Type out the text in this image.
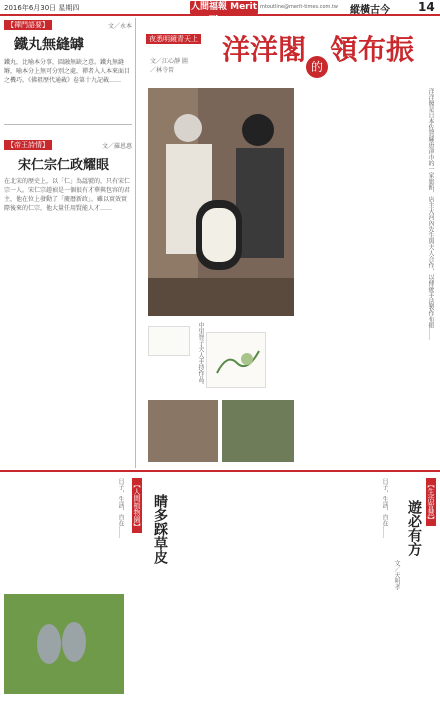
2016年6月30日 星期四	人間福報 Merit Times
mtoutline@merit-times.com.tw 縱橫古今 14
【禪門語要】	文／永本
鐵丸無縫罅
鐵丸，比喻本分事，圓融無缺之意。鐵丸無縫罅，喻本分上無可分別之處，禪者入人本來面目之機巧。《佛祖歷代通載》卷第十九記載……
【帝王詩情】	文／羅恩惠
宋仁宗仁政耀眼
在北宋的歷史上，以「仁」為諡號的，只有宋仁宗一人。宋仁宗趙禎是一個很有才華與包容的君主，他在位上發動了「慶曆新政」，雖以實效實際後來的仁宗，他大量任用賢能人才……
夜悉明鏡青天上
文／江心靜 圖／林寺晉
洋洋閣
的
領布振
中里智子夫人手持作品。
洋洋閣是日本佐賀縣唐津市的一家旅館，店主大河內先生與夫人合作，以傳統手法製作布振……
日子，生活，自在…… 【人間植物園】 睛多踩草皮	日子，生活，自在……	【生活智慧】
遊必有方
文／天明孝
